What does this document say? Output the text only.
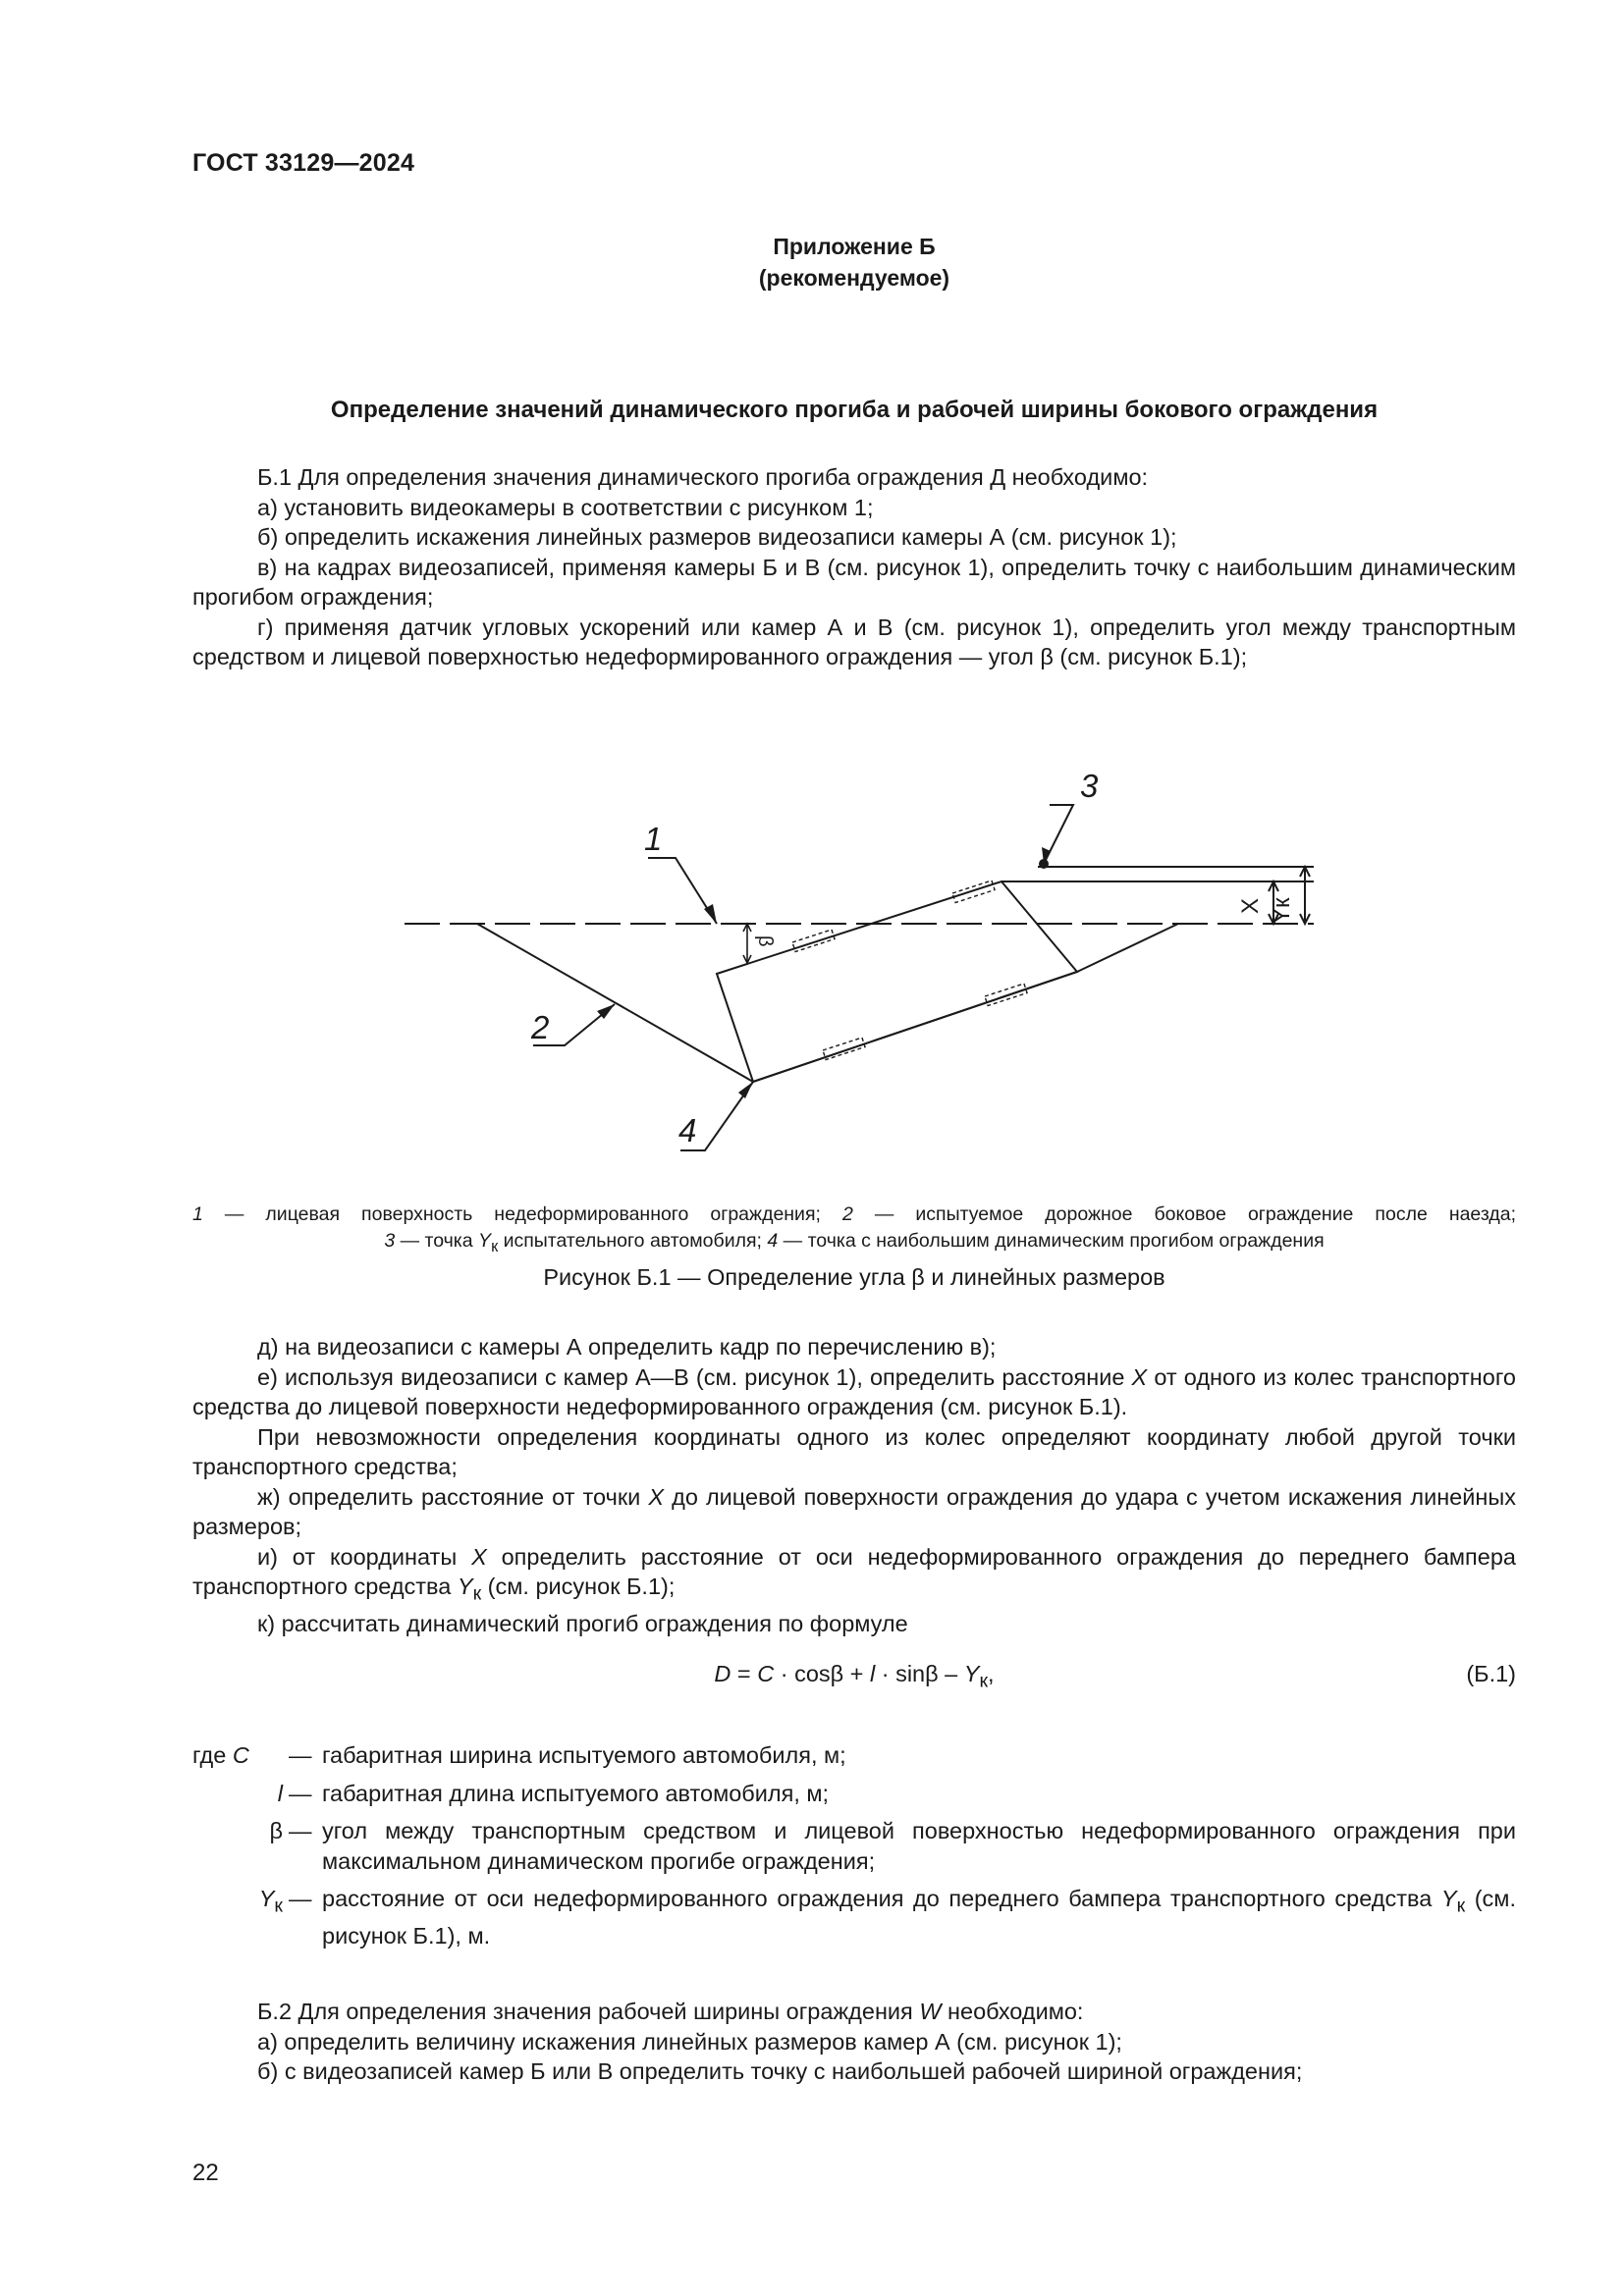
ГОСТ 33129—2024
Приложение Б
(рекомендуемое)
Определение значений динамического прогиба и рабочей ширины бокового ограждения

Б.1 Для определения значения динамического прогиба ограждения Д необходимо:

а) установить видеокамеры в соответствии с рисунком 1;

б) определить искажения линейных размеров видеозаписи камеры А (см. рисунок 1);

в) на кадрах видеозаписей, применяя камеры Б и В (см. рисунок 1), определить точку с наибольшим динамическим прогибом ограждения;

г) применяя датчик угловых ускорений или камер А и В (см. рисунок 1), определить угол между транспортным средством и лицевой поверхностью недеформированного ограждения — угол β (см. рисунок Б.1);

1
2
3
4
X Yк
β
1 — лицевая поверхность недеформированного ограждения; 2 — испытуемое дорожное боковое ограждение после наезда;
3 — точка $Y_к$ испытательного автомобиля; 4 — точка с наибольшим динамическим прогибом ограждения
Рисунок Б.1 — Определение угла β и линейных размеров

д) на видеозаписи с камеры А определить кадр по перечислению в);

е) используя видеозаписи с камер А—В (см. рисунок 1), определить расстояние X от одного из колес транспортного средства до лицевой поверхности недеформированного ограждения (см. рисунок Б.1).

При невозможности определения координаты одного из колес определяют координату любой другой точки транспортного средства;

ж) определить расстояние от точки X до лицевой поверхности ограждения до удара с учетом искажения линейных размеров;

и) от координаты X определить расстояние от оси недеформированного ограждения до переднего бампера транспортного средства $Y_к$ (см. рисунок Б.1);

к) рассчитать динамический прогиб ограждения по формуле

$D = C \cdot \cos\beta + l \cdot \sin\beta - Y_к$,	(Б.1)
где C	— габаритная ширина испытуемого автомобиля, м;
l — габаритная длина испытуемого автомобиля, м;
β — угол между транспортным средством и лицевой поверхностью недеформированного ограждения при максимальном динамическом прогибе ограждения;
$Y_к$ — расстояние от оси недеформированного ограждения до переднего бампера транспортного средства $Y_к$ (см. рисунок Б.1), м.

Б.2 Для определения значения рабочей ширины ограждения W необходимо:

а) определить величину искажения линейных размеров камер А (см. рисунок 1);

б) с видеозаписей камер Б или В определить точку с наибольшей рабочей шириной ограждения;

22
